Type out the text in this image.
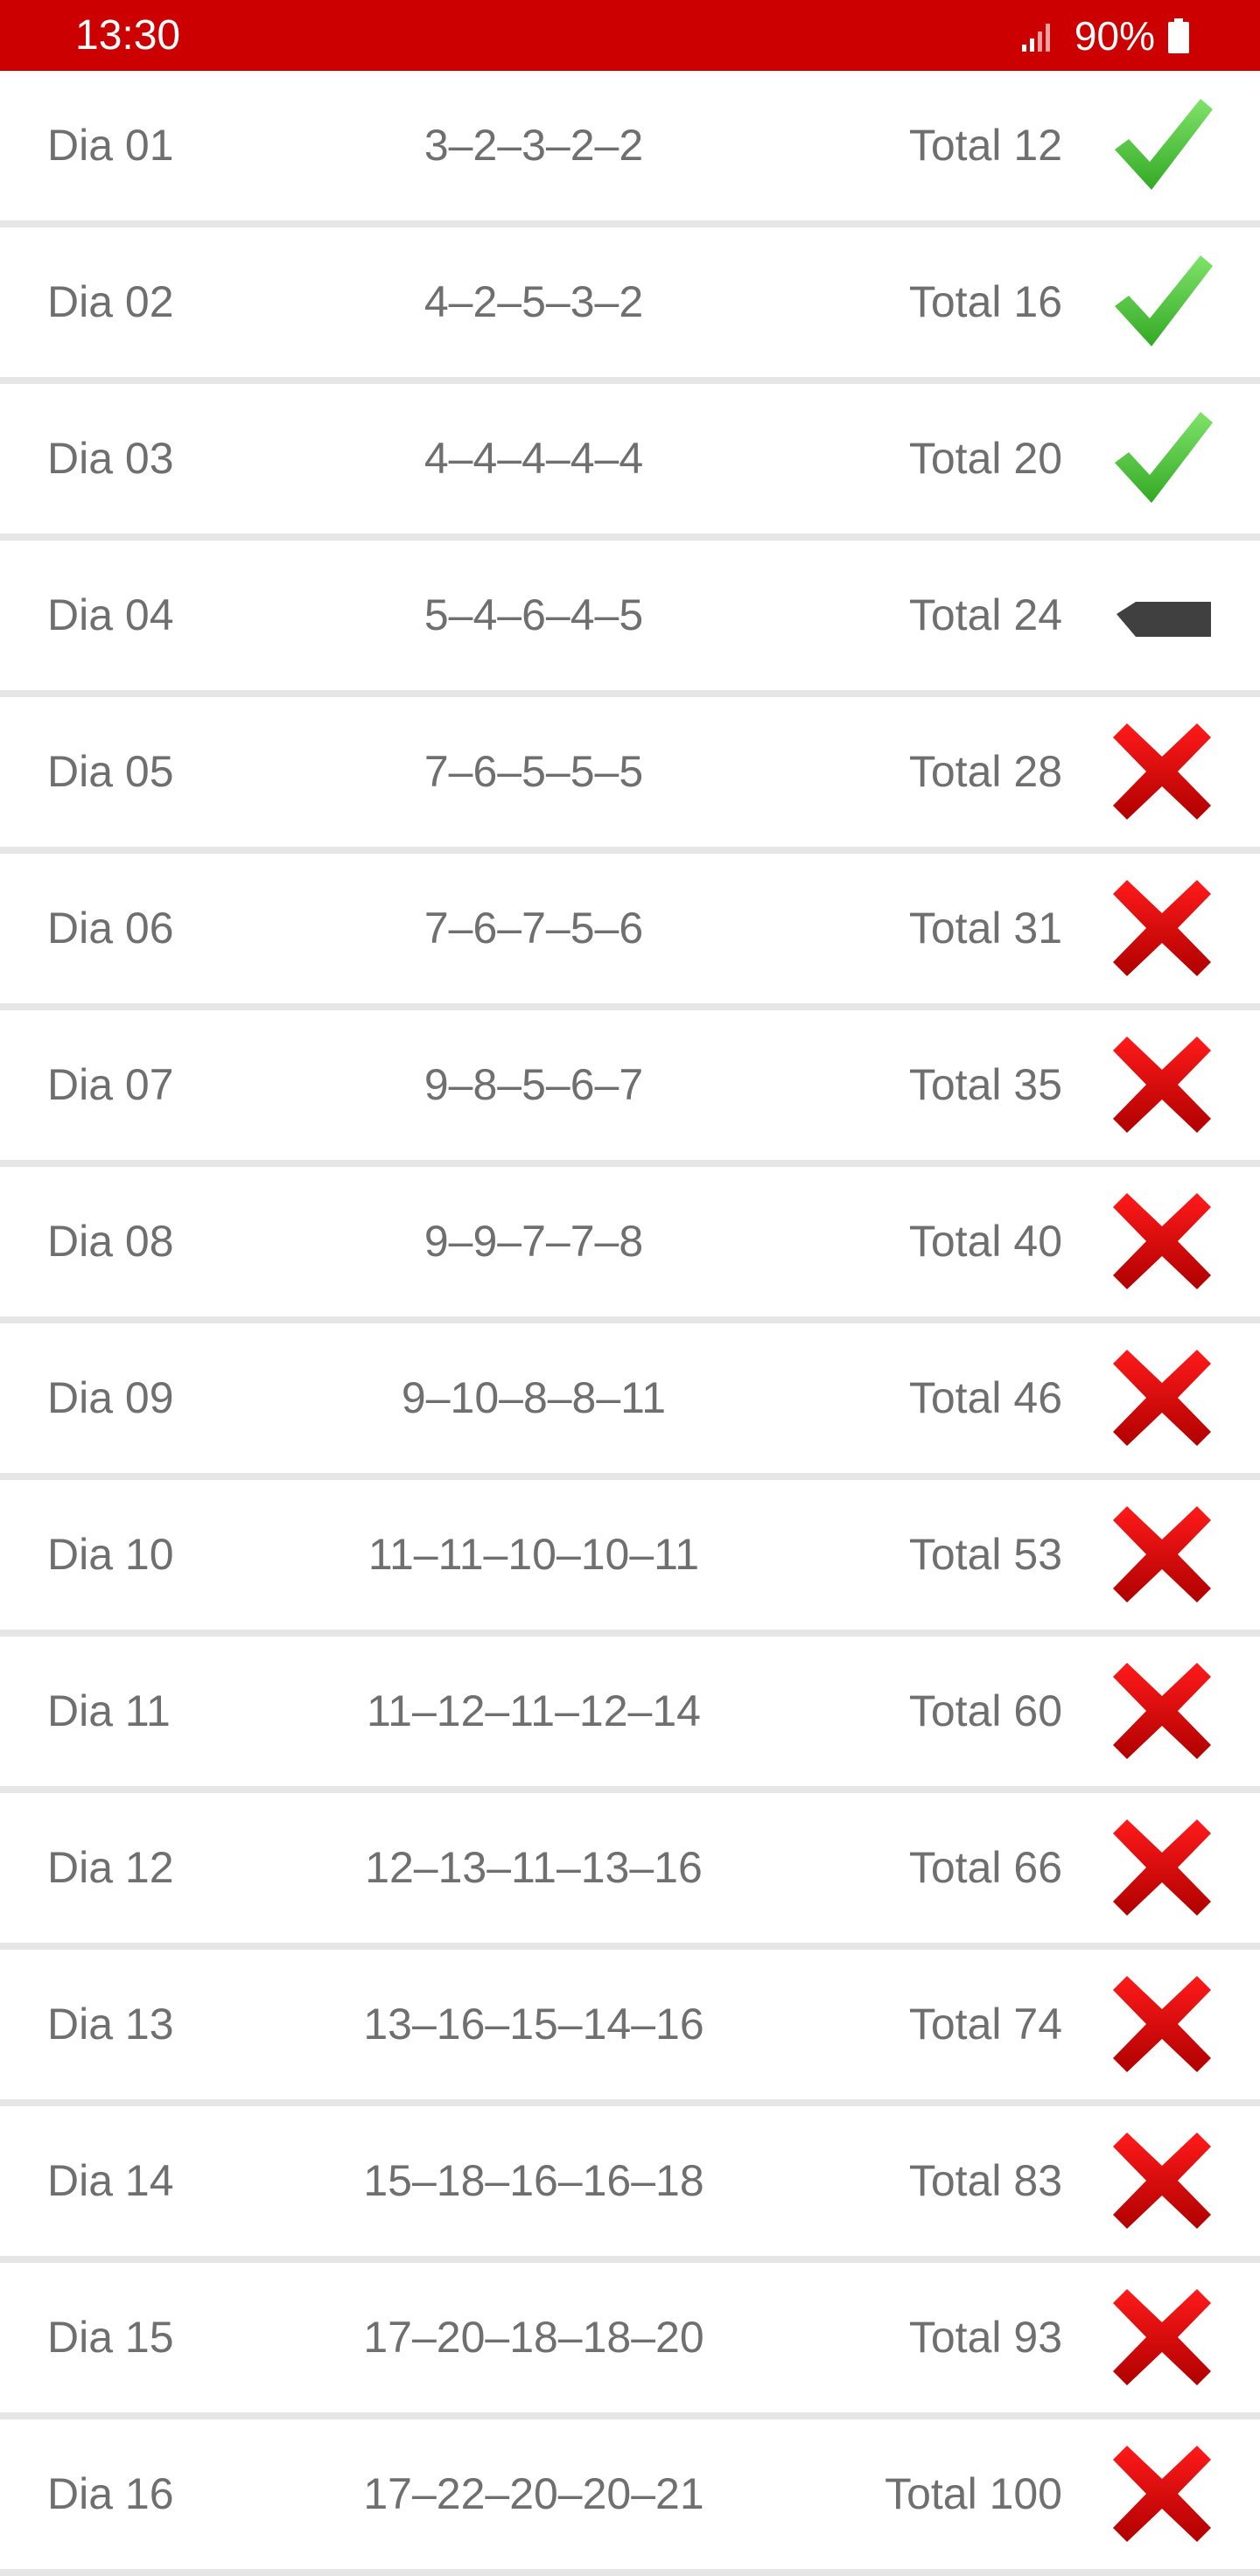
13:30	90%
Dia 01	3–2–3–2–2	Total 12
Dia 02	4–2–5–3–2	Total 16
Dia 03	4–4–4–4–4	Total 20
Dia 04	5–4–6–4–5	Total 24
Dia 05	7–6–5–5–5	Total 28
Dia 06	7–6–7–5–6	Total 31
Dia 07	9–8–5–6–7	Total 35
Dia 08	9–9–7–7–8	Total 40
Dia 09	9–10–8–8–11	Total 46
Dia 10	11–11–10–10–11	Total 53
Dia 11	11–12–11–12–14	Total 60
Dia 12	12–13–11–13–16	Total 66
Dia 13	13–16–15–14–16	Total 74
Dia 14	15–18–16–16–18	Total 83
Dia 15	17–20–18–18–20	Total 93
Dia 16	17–22–20–20–21	Total 100
